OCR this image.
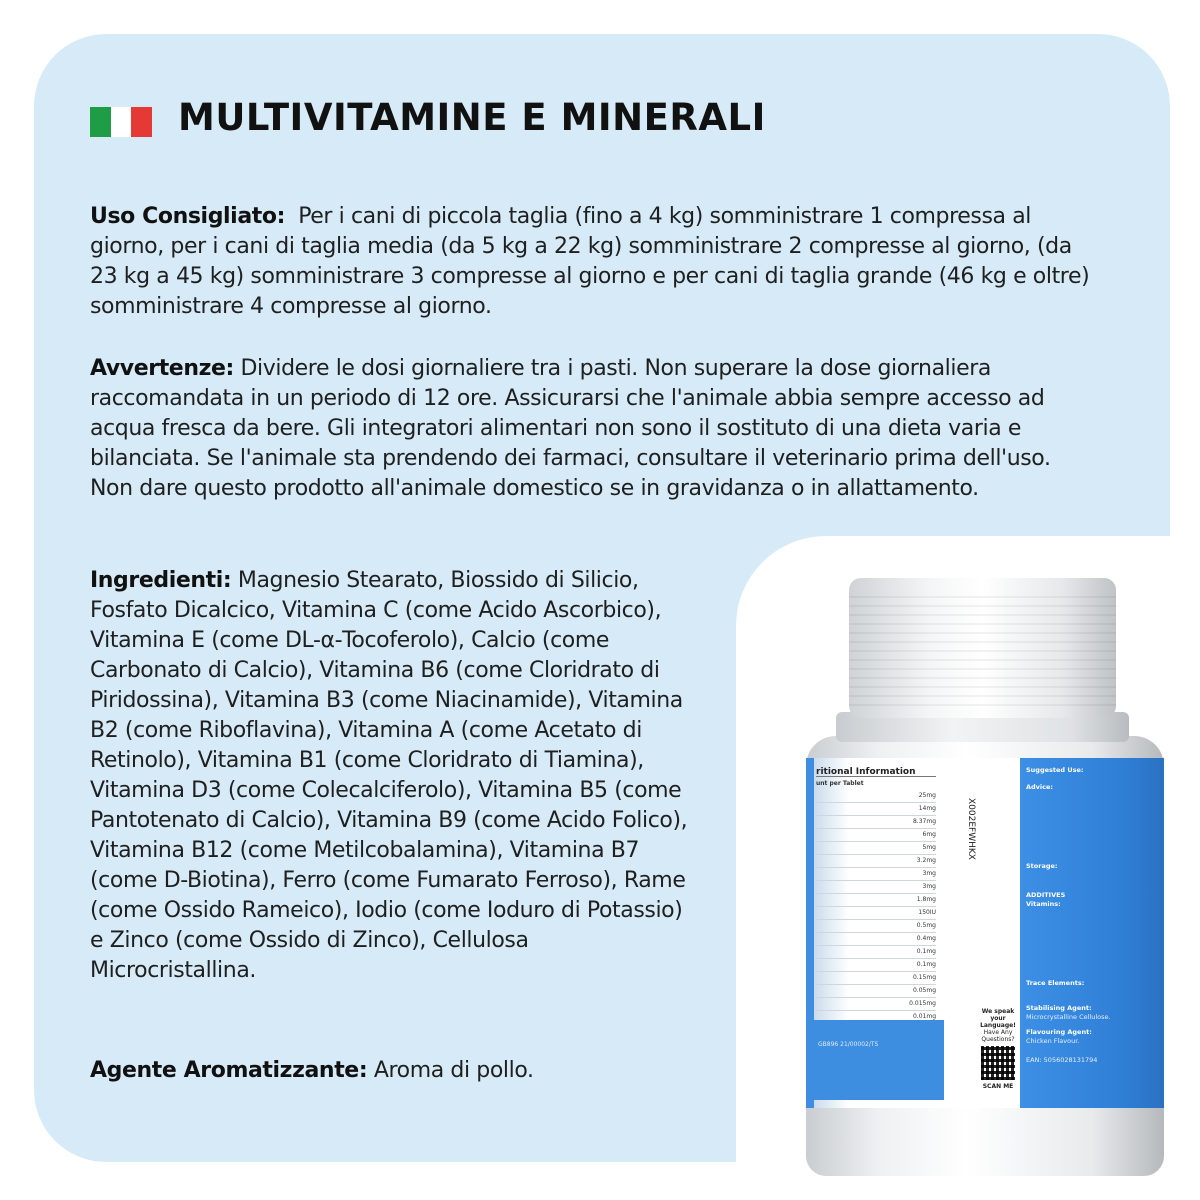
MULTIVITAMINE E MINERALI
Uso Consigliato: Per i cani di piccola taglia (fino a 4 kg) somministrare 1 compressa al giorno, per i cani di taglia media (da 5 kg a 22 kg) somministrare 2 compresse al giorno, (da 23 kg a 45 kg) somministrare 3 compresse al giorno e per cani di taglia grande (46 kg e oltre) somministrare 4 compresse al giorno.
Avvertenze: Dividere le dosi giornaliere tra i pasti. Non superare la dose giornaliera raccomandata in un periodo di 12 ore. Assicurarsi che l'animale abbia sempre accesso ad acqua fresca da bere. Gli integratori alimentari non sono il sostituto di una dieta varia e bilanciata. Se l'animale sta prendendo dei farmaci, consultare il veterinario prima dell'uso. Non dare questo prodotto all'animale domestico se in gravidanza o in allattamento.
Ingredienti: Magnesio Stearato, Biossido di Silicio, Fosfato Dicalcico, Vitamina C (come Acido Ascorbico), Vitamina E (come DL-α-Tocoferolo), Calcio (come Carbonato di Calcio), Vitamina B6 (come Cloridrato di Piridossina), Vitamina B3 (come Niacinamide), Vitamina B2 (come Riboflavina), Vitamina A (come Acetato di Retinolo), Vitamina B1 (come Cloridrato di Tiamina), Vitamina D3 (come Colecalciferolo), Vitamina B5 (come Pantotenato di Calcio), Vitamina B9 (come Acido Folico), Vitamina B12 (come Metilcobalamina), Vitamina B7 (come D-Biotina), Ferro (come Fumarato Ferroso), Rame (come Ossido Rameico), Iodio (come Ioduro di Potassio) e Zinco (come Ossido di Zinco), Cellulosa Microcristallina.
Agente Aromatizzante: Aroma di pollo.
ritional Information
unt per Tablet
25mg
14mg
8.37mg
6mg
5mg
3.2mg
3mg
3mg
1.8mg
150IU
0.5mg
0.4mg
0.1mg
0.1mg
0.15mg
0.05mg
0.015mg
0.01mg
GB896 21/00002/TS
X002EFWHKX
We speak your Language!
Have Any Questions?
SCAN ME
Suggested Use:
Advice:
Storage:
ADDITIVES
Vitamins:
Trace Elements:
Stabilising Agent:
Microcrystalline Cellulose.
Flavouring Agent:
Chicken Flavour.
EAN: 5056028131794
